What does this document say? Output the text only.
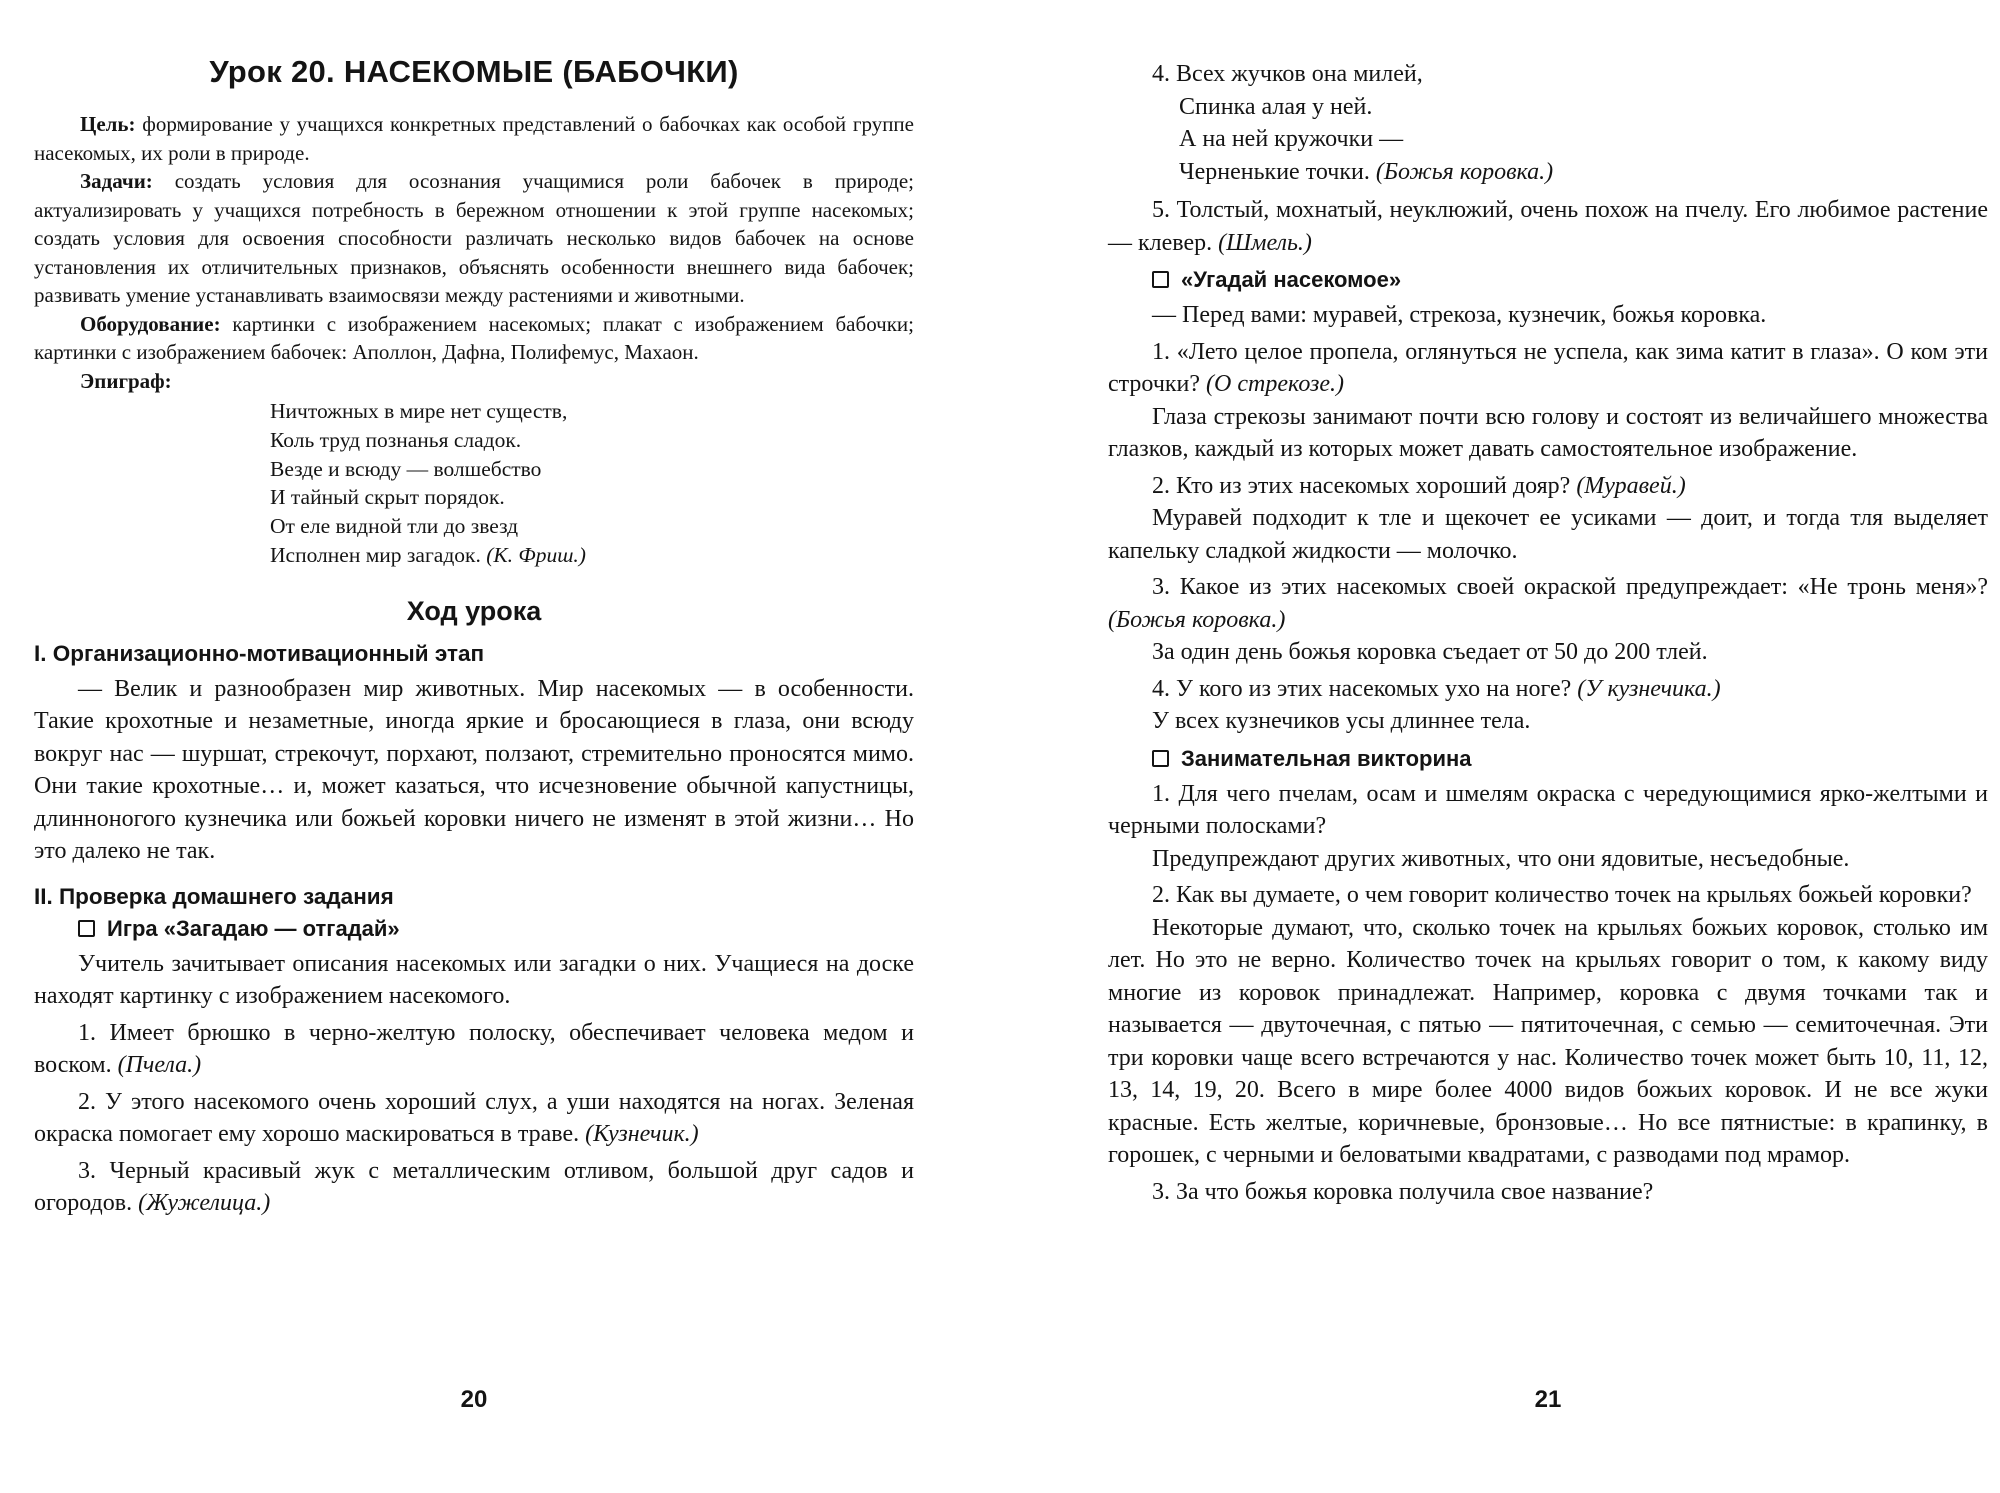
Урок 20. НАСЕКОМЫЕ (БАБОЧКИ)

Цель: формирование у учащихся конкретных представлений о бабочках как особой группе насекомых, их роли в природе.

Задачи: создать условия для осознания учащимися роли бабочек в природе; актуализировать у учащихся потребность в бережном отношении к этой группе насекомых; создать условия для освоения способности различать несколько видов бабочек на основе установления их отличительных признаков, объяснять особенности внешнего вида бабочек; развивать умение устанавливать взаимосвязи между растениями и животными.

Оборудование: картинки с изображением насекомых; плакат с изображением бабочки; картинки с изображением бабочек: Аполлон, Дафна, Полифемус, Махаон.

Эпиграф:

Ничтожных в мире нет существ,
Коль труд познанья сладок.
Везде и всюду — волшебство
И тайный скрыт порядок.
От еле видной тли до звезд
Исполнен мир загадок. (К. Фриш.)
Ход урока
I. Организационно-мотивационный этап

— Велик и разнообразен мир животных. Мир насекомых — в особенности. Такие крохотные и незаметные, иногда яркие и бросающиеся в глаза, они всюду вокруг нас — шуршат, стрекочут, порхают, ползают, стремительно проносятся мимо. Они такие крохотные… и, может казаться, что исчезновение обычной капустницы, длинноногого кузнечика или божьей коровки ничего не изменят в этой жизни… Но это далеко не так.

II. Проверка домашнего задания
Игра «Загадаю — отгадай»

Учитель зачитывает описания насекомых или загадки о них. Учащиеся на доске находят картинку с изображением насекомого.

1. Имеет брюшко в черно-желтую полоску, обеспечивает человека медом и воском. (Пчела.)

2. У этого насекомого очень хороший слух, а уши находятся на ногах. Зеленая окраска помогает ему хорошо маскироваться в траве. (Кузнечик.)

3. Черный красивый жук с металлическим отливом, большой друг садов и огородов. (Жужелица.)

20
4. Всех жучков она милей,
Спинка алая у ней.
А на ней кружочки —
Черненькие точки. (Божья коровка.)

5. Толстый, мохнатый, неуклюжий, очень похож на пчелу. Его любимое растение — клевер. (Шмель.)

«Угадай насекомое»

— Перед вами: муравей, стрекоза, кузнечик, божья коровка.

1. «Лето целое пропела, оглянуться не успела, как зима катит в глаза». О ком эти строчки? (О стрекозе.)

Глаза стрекозы занимают почти всю голову и состоят из величайшего множества глазков, каждый из которых может давать самостоятельное изображение.

2. Кто из этих насекомых хороший дояр? (Муравей.)

Муравей подходит к тле и щекочет ее усиками — доит, и тогда тля выделяет капельку сладкой жидкости — молочко.

3. Какое из этих насекомых своей окраской предупреждает: «Не тронь меня»? (Божья коровка.)

За один день божья коровка съедает от 50 до 200 тлей.

4. У кого из этих насекомых ухо на ноге? (У кузнечика.)

У всех кузнечиков усы длиннее тела.

Занимательная викторина

1. Для чего пчелам, осам и шмелям окраска с чередующимися ярко-желтыми и черными полосками?

Предупреждают других животных, что они ядовитые, несъедобные.

2. Как вы думаете, о чем говорит количество точек на крыльях божьей коровки?

Некоторые думают, что, сколько точек на крыльях божьих коровок, столько им лет. Но это не верно. Количество точек на крыльях говорит о том, к какому виду многие из коровок принадлежат. Например, коровка с двумя точками так и называется — двуточечная, с пятью — пятиточечная, с семью — семиточечная. Эти три коровки чаще всего встречаются у нас. Количество точек может быть 10, 11, 12, 13, 14, 19, 20. Всего в мире более 4000 видов божьих коровок. И не все жуки красные. Есть желтые, коричневые, бронзовые… Но все пятнистые: в крапинку, в горошек, с черными и беловатыми квадратами, с разводами под мрамор.

3. За что божья коровка получила свое название?

21
